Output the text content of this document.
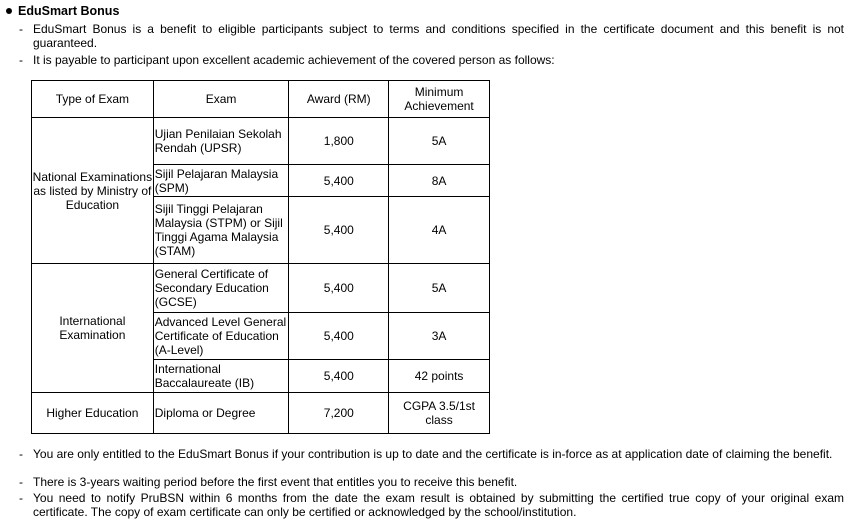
EduSmart Bonus
- EduSmart Bonus is a benefit to eligible participants subject to terms and conditions specified in the certificate document and this benefit is not guaranteed.
- It is payable to participant upon excellent academic achievement of the covered person as follows:
Type of Exam	Exam	Award (RM)	Minimum Achievement
National Examinations as listed by Ministry of Education	Ujian Penilaian Sekolah Rendah (UPSR)	1,800	5A
	Sijil Pelajaran Malaysia (SPM)	5,400	8A
	Sijil Tinggi Pelajaran Malaysia (STPM) or Sijil Tinggi Agama Malaysia (STAM)	5,400	4A
International Examination	General Certificate of Secondary Education (GCSE)	5,400	5A
	Advanced Level General Certificate of Education (A-Level)	5,400	3A
	International Baccalaureate (IB)	5,400	42 points
Higher Education	Diploma or Degree	7,200	CGPA 3.5/1st class
- You are only entitled to the EduSmart Bonus if your contribution is up to date and the certificate is in-force as at application date of claiming the benefit.
- There is 3-years waiting period before the first event that entitles you to receive this benefit.
- You need to notify PruBSN within 6 months from the date the exam result is obtained by submitting the certified true copy of your original exam certificate. The copy of exam certificate can only be certified or acknowledged by the school/institution.
